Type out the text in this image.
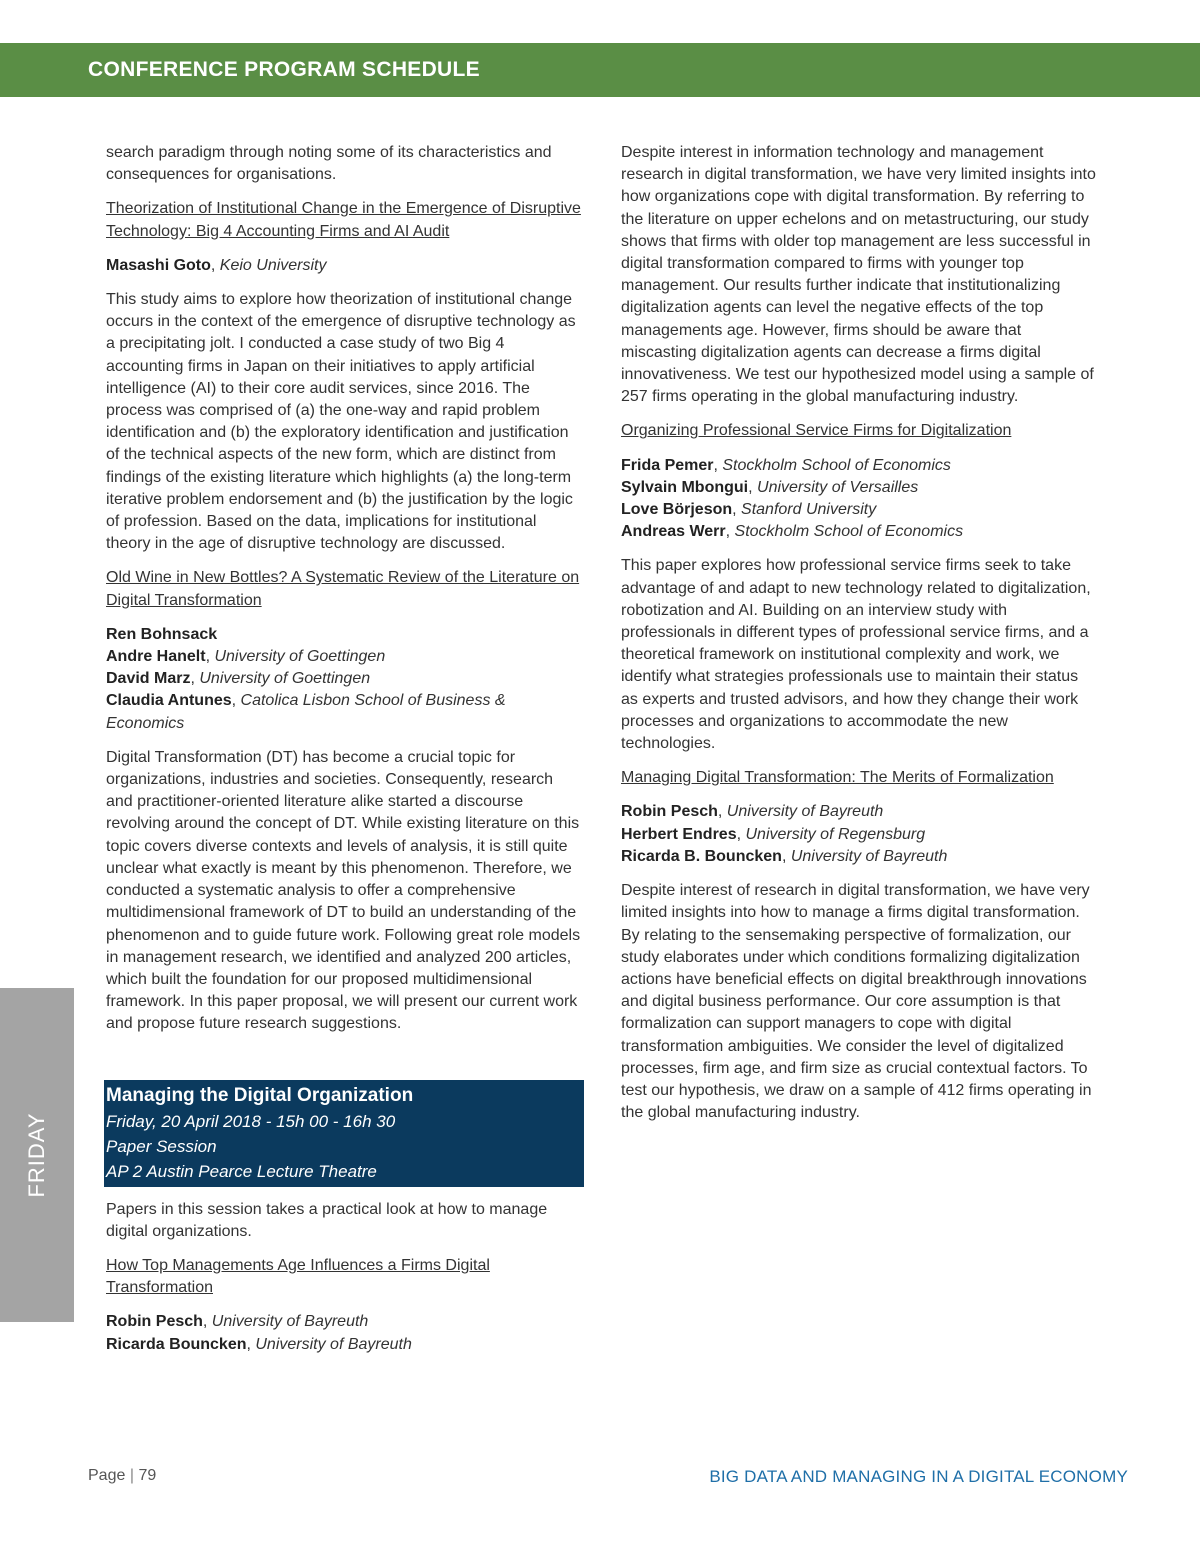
CONFERENCE PROGRAM SCHEDULE

search paradigm through noting some of its characteristics and consequences for organisations.

Theorization of Institutional Change in the Emergence of Disruptive Technology: Big 4 Accounting Firms and AI Audit

Masashi Goto, Keio University

This study aims to explore how theorization of institutional change occurs in the context of the emergence of disruptive technology as a precipitating jolt. I conducted a case study of two Big 4 accounting firms in Japan on their initiatives to apply artificial intelligence (AI) to their core audit services, since 2016. The process was comprised of (a) the one-way and rapid problem identification and (b) the exploratory identification and justification of the technical aspects of the new form, which are distinct from findings of the existing literature which highlights (a) the long-term iterative problem endorsement and (b) the justification by the logic of profession. Based on the data, implications for institutional theory in the age of disruptive technology are discussed.

Old Wine in New Bottles? A Systematic Review of the Literature on Digital Transformation

Ren Bohnsack
Andre Hanelt, University of Goettingen
David Marz, University of Goettingen
Claudia Antunes, Catolica Lisbon School of Business & Economics

Digital Transformation (DT) has become a crucial topic for organizations, industries and societies. Consequently, research and practitioner-oriented literature alike started a discourse revolving around the concept of DT. While existing literature on this topic covers diverse contexts and levels of analysis, it is still quite unclear what exactly is meant by this phenomenon. Therefore, we conducted a systematic analysis to offer a comprehensive multidimensional framework of DT to build an understanding of the phenomenon and to guide future work. Following great role models in management research, we identified and analyzed 200 articles, which built the foundation for our proposed multidimensional framework. In this paper proposal, we will present our current work and propose future research suggestions.

Managing the Digital Organization
Friday, 20 April 2018 - 15h 00 - 16h 30
Paper Session
AP 2 Austin Pearce Lecture Theatre

Papers in this session takes a practical look at how to manage digital organizations.

How Top Managements Age Influences a Firms Digital Transformation

Robin Pesch, University of Bayreuth
Ricarda Bouncken, University of Bayreuth

Despite interest in information technology and management research in digital transformation, we have very limited insights into how organizations cope with digital transformation. By referring to the literature on upper echelons and on metastructuring, our study shows that firms with older top management are less successful in digital transformation compared to firms with younger top management. Our results further indicate that institutionalizing digitalization agents can level the negative effects of the top managements age. However, firms should be aware that miscasting digitalization agents can decrease a firms digital innovativeness. We test our hypothesized model using a sample of 257 firms operating in the global manufacturing industry.

Organizing Professional Service Firms for Digitalization

Frida Pemer, Stockholm School of Economics
Sylvain Mbongui, University of Versailles
Love Börjeson, Stanford University
Andreas Werr, Stockholm School of Economics

This paper explores how professional service firms seek to take advantage of and adapt to new technology related to digitalization, robotization and AI. Building on an interview study with professionals in different types of professional service firms, and a theoretical framework on institutional complexity and work, we identify what strategies professionals use to maintain their status as experts and trusted advisors, and how they change their work processes and organizations to accommodate the new technologies.

Managing Digital Transformation: The Merits of Formalization

Robin Pesch, University of Bayreuth
Herbert Endres, University of Regensburg
Ricarda B. Bouncken, University of Bayreuth

Despite interest of research in digital transformation, we have very limited insights into how to manage a firms digital transformation. By relating to the sensemaking perspective of formalization, our study elaborates under which conditions formalizing digitalization actions have beneficial effects on digital breakthrough innovations and digital business performance. Our core assumption is that formalization can support managers to cope with digital transformation ambiguities. We consider the level of digitalized processes, firm age, and firm size as crucial contextual factors. To test our hypothesis, we draw on a sample of 412 firms operating in the global manufacturing industry.

FRIDAY
Page | 79	BIG DATA AND MANAGING IN A DIGITAL ECONOMY
